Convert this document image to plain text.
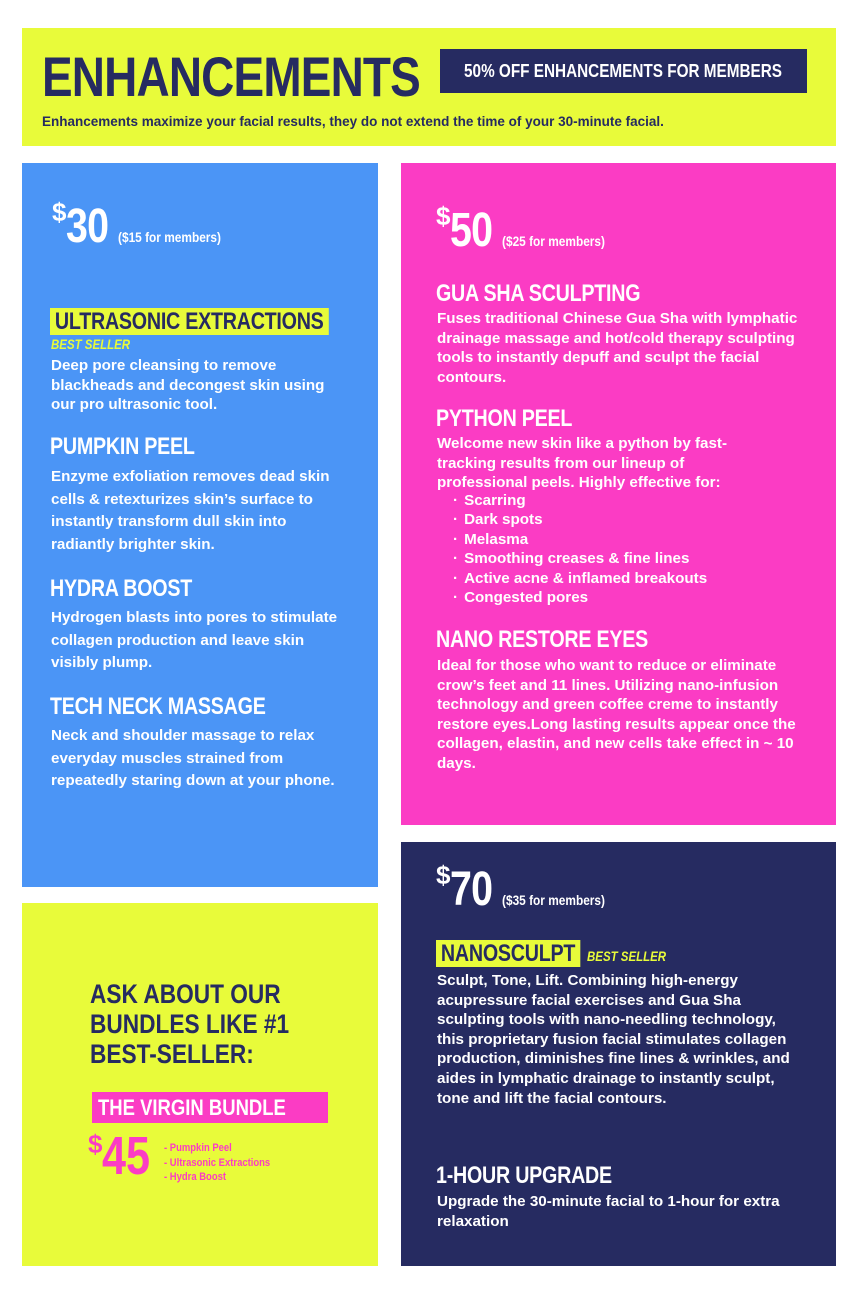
ENHANCEMENTS 50% OFF ENHANCEMENTS FOR MEMBERS

Enhancements maximize your facial results, they do not extend the time of your 30-minute facial.

$30 ($15 for members)
ULTRASONIC EXTRACTIONS
BEST SELLER

Deep pore cleansing to remove blackheads and decongest skin using our pro ultrasonic tool.

PUMPKIN PEEL

Enzyme exfoliation removes dead skin cells & retexturizes skin’s surface to instantly transform dull skin into radiantly brighter skin.

HYDRA BOOST

Hydrogen blasts into pores to stimulate collagen production and leave skin visibly plump.

TECH NECK MASSAGE

Neck and shoulder massage to relax everyday muscles strained from repeatedly staring down at your phone.

$50 ($25 for members)
GUA SHA SCULPTING

Fuses traditional Chinese Gua Sha with lymphatic drainage massage and hot/cold therapy sculpting tools to instantly depuff and sculpt the facial contours.

PYTHON PEEL

Welcome new skin like a python by fast-tracking results from our lineup of professional peels. Highly effective for:

· Scarring
· Dark spots
· Melasma
· Smoothing creases & fine lines
· Active acne & inflamed breakouts
· Congested pores
NANO RESTORE EYES

Ideal for those who want to reduce or eliminate crow’s feet and 11 lines. Utilizing nano-infusion technology and green coffee creme to instantly restore eyes.Long lasting results appear once the collagen, elastin, and new cells take effect in ~ 10 days.

$70 ($35 for members)
NANOSCULPT BEST SELLER

Sculpt, Tone, Lift. Combining high-energy acupressure facial exercises and Gua Sha sculpting tools with nano-needling technology, this proprietary fusion facial stimulates collagen production, diminishes fine lines & wrinkles, and aides in lymphatic drainage to instantly sculpt, tone and lift the facial contours.

1-HOUR UPGRADE

Upgrade the 30-minute facial to 1-hour for extra relaxation

ASK ABOUT OUR BUNDLES LIKE #1 BEST-SELLER:
THE VIRGIN BUNDLE
$45	- Pumpkin Peel
- Ultrasonic Extractions
- Hydra Boost
